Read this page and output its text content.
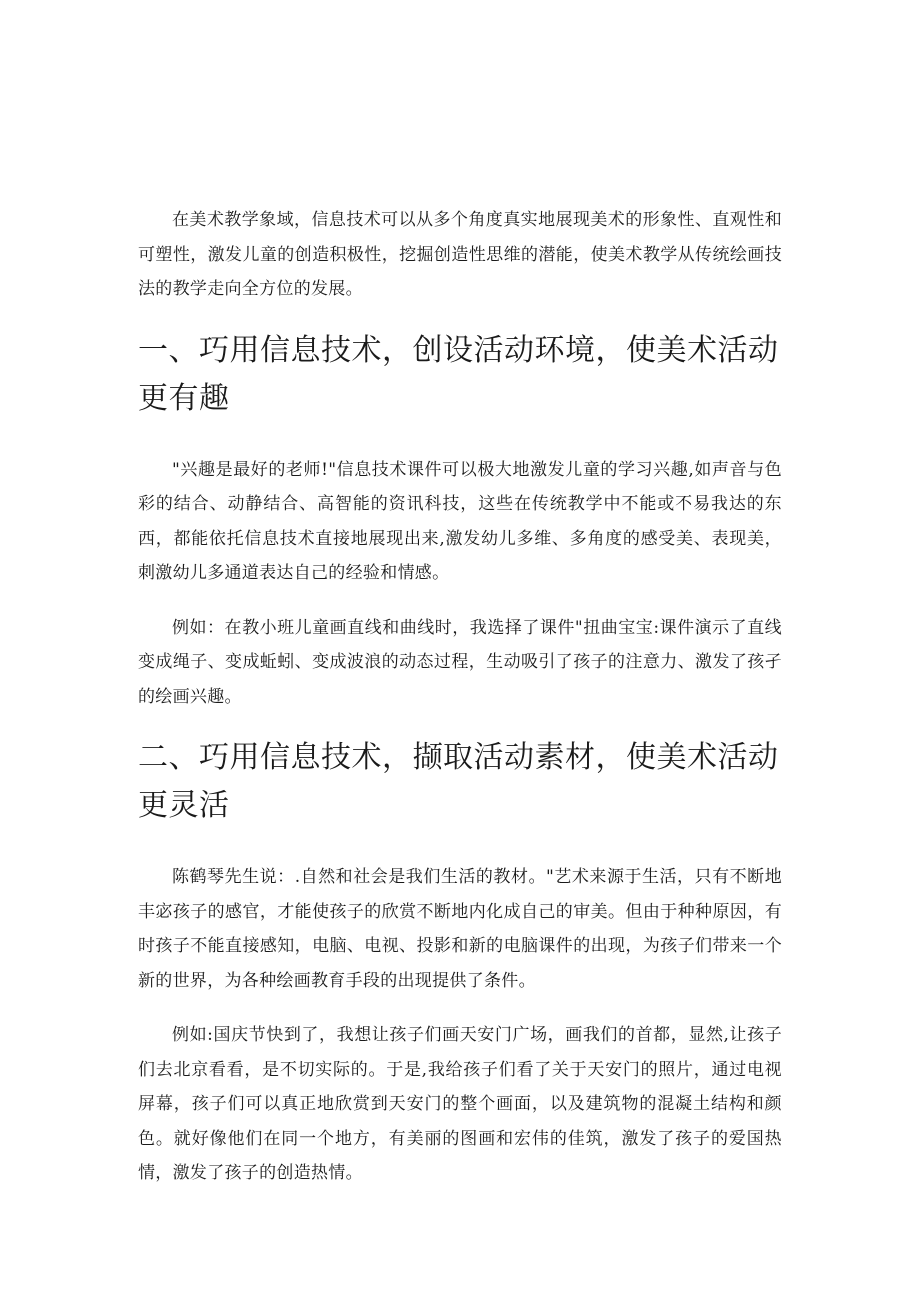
在美术教学象域，信息技术可以从多个角度真实地展现美术的形象性、直观性和可塑性，激发儿童的创造积极性，挖掘创造性思维的潜能，使美术教学从传统绘画技法的教学走向全方位的发展。

一、巧用信息技术，创设活动环境，使美术活动更有趣

"兴趣是最好的老师!"信息技术课件可以极大地激发儿童的学习兴趣,如声音与色彩的结合、动静结合、高智能的资讯科技，这些在传统教学中不能或不易我达的东西，都能依托信息技术直接地展现出来,激发幼儿多维、多角度的感受美、表现美，刺激幼儿多通道表达自己的经验和情感。

例如：在教小班儿童画直线和曲线时，我选择了课件"扭曲宝宝:课件演示了直线变成绳子、变成蚯蚓、变成波浪的动态过程，生动吸引了孩子的注意力、激发了孩孑的绘画兴趣。

二、巧用信息技术，撷取活动素材，使美术活动更灵活

陈鹤琴先生说：.自然和社会是我们生活的教材。"艺术来源于生活，只有不断地丰宓孩子的感官，才能使孩子的欣赏不断地内化成自己的审美。但由于种种原因，有时孩子不能直接感知，电脑、电视、投影和新的电脑课件的出现，为孩子们带来一个新的世界，为各种绘画教育手段的出现提供了条件。

例如:国庆节快到了，我想让孩子们画天安门广场，画我们的首都，显然,让孩子们去北京看看，是不切实际的。于是,我给孩子们看了关于天安门的照片，通过电视屏幕，孩子们可以真正地欣赏到天安门的整个画面，以及建筑物的混凝土结构和颜色。就好像他们在同一个地方，有美丽的图画和宏伟的佳筑，激发了孩子的爱国热情，激发了孩子的创造热情。
